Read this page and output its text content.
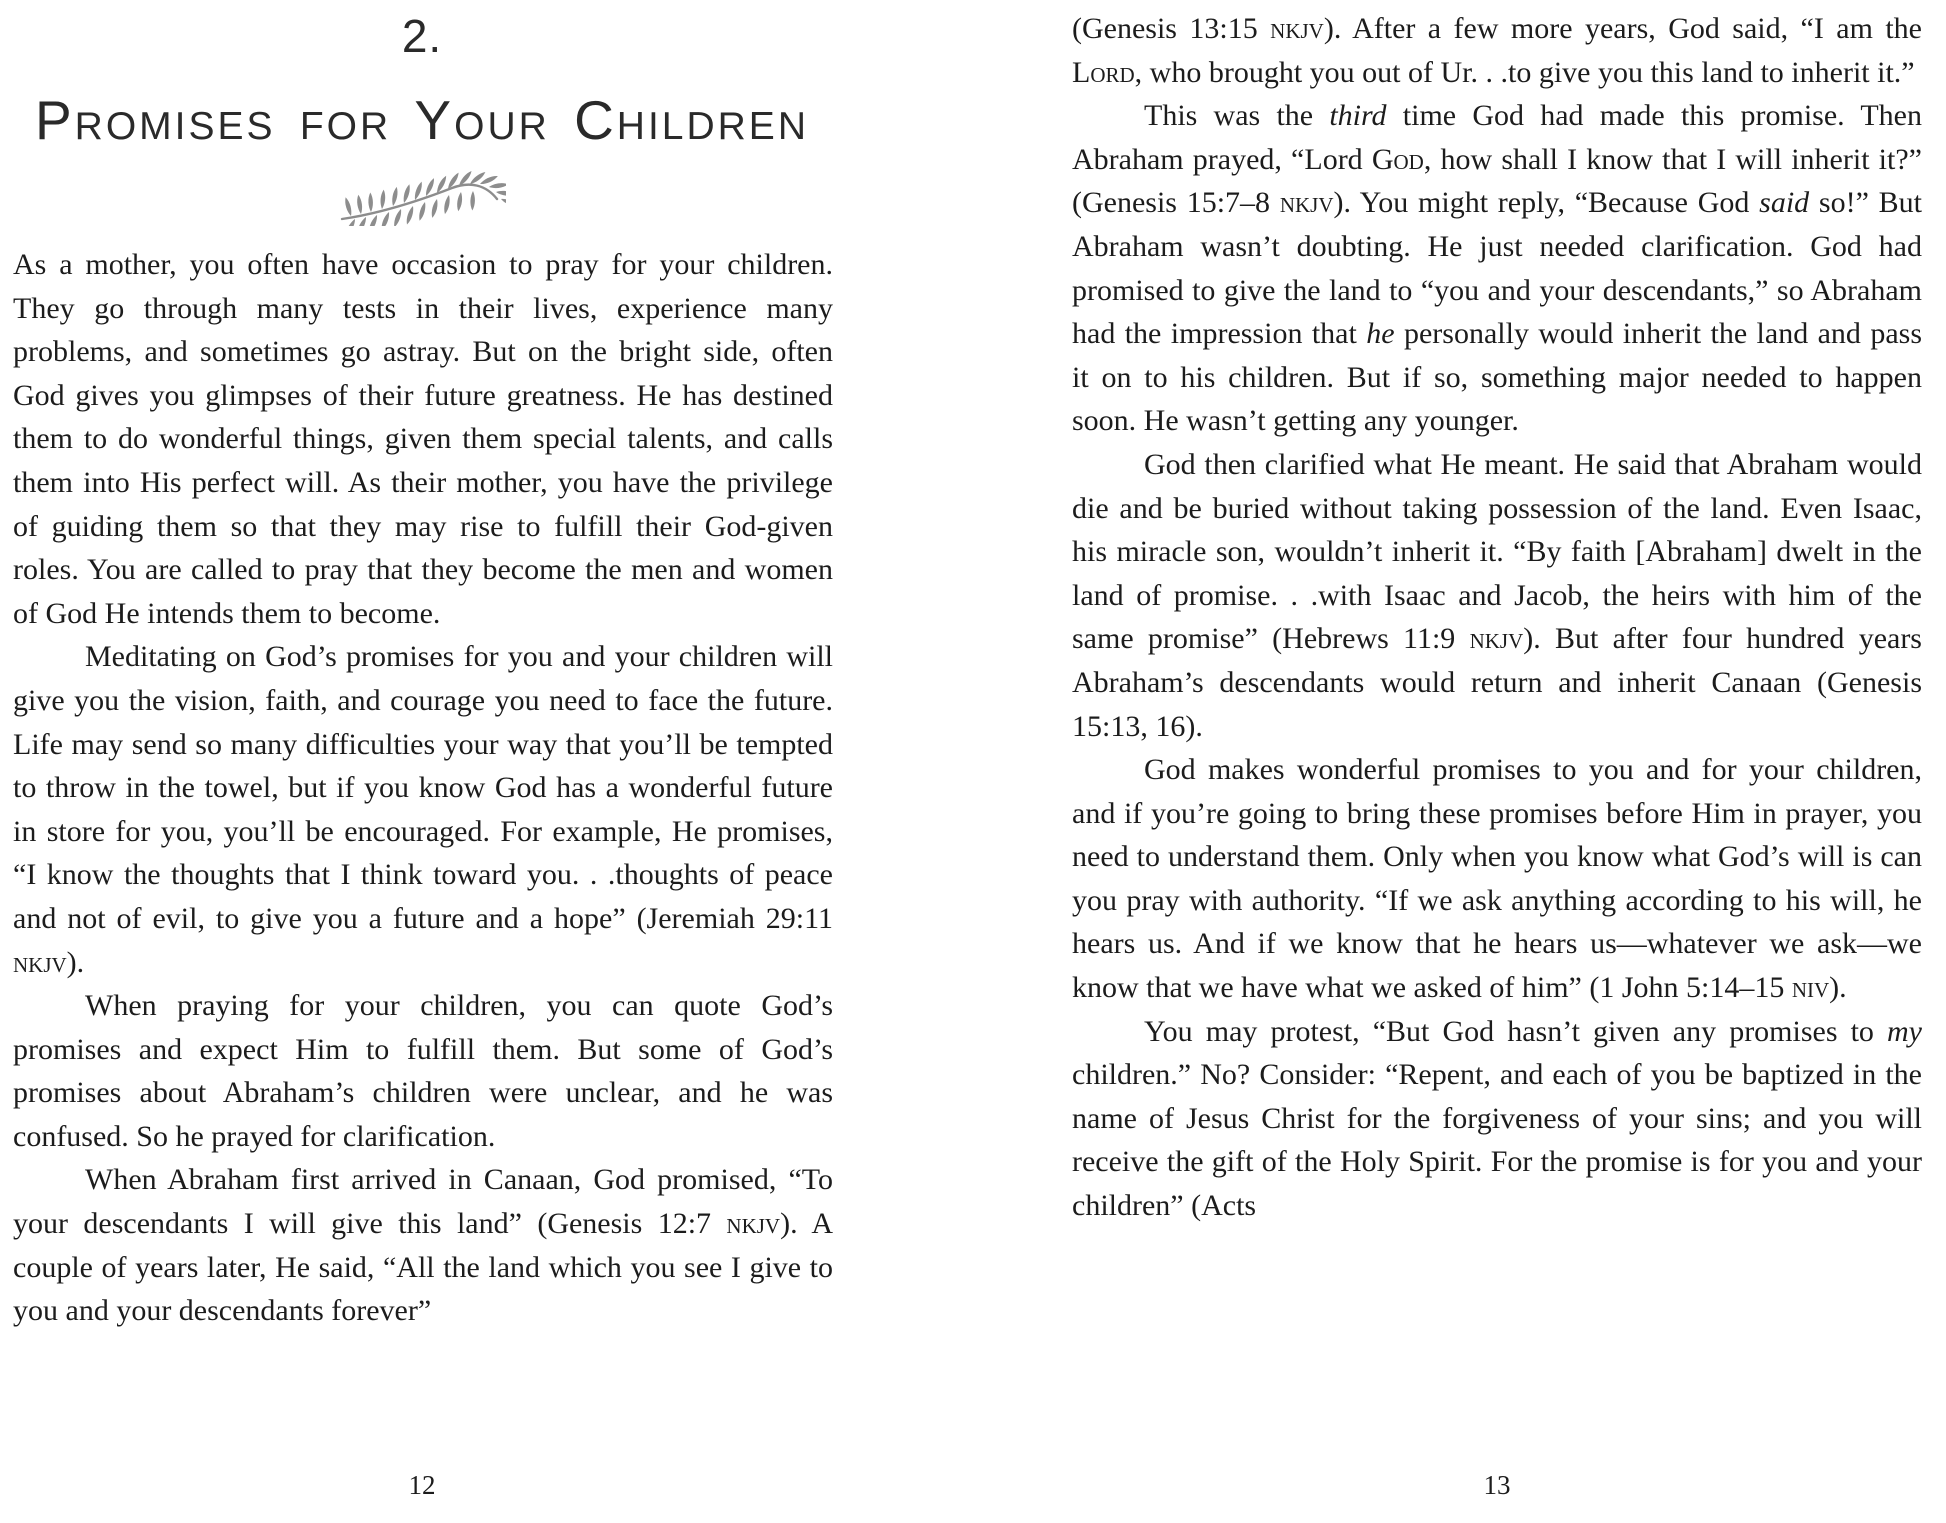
2.
Promises for Your Children

As a mother, you often have occasion to pray for your children. They go through many tests in their lives, experience many problems, and sometimes go astray. But on the bright side, often God gives you glimpses of their future greatness. He has destined them to do wonderful things, given them special talents, and calls them into His perfect will. As their mother, you have the privilege of guiding them so that they may rise to fulfill their God-given roles. You are called to pray that they become the men and women of God He intends them to become.

Meditating on God’s promises for you and your children will give you the vision, faith, and courage you need to face the future. Life may send so many difficulties your way that you’ll be tempted to throw in the towel, but if you know God has a wonderful future in store for you, you’ll be encouraged. For example, He promises, “I know the thoughts that I think toward you. . .thoughts of peace and not of evil, to give you a future and a hope” (Jeremiah 29:11 nkjv).

When praying for your children, you can quote God’s promises and expect Him to fulfill them. But some of God’s promises about Abraham’s children were unclear, and he was confused. So he prayed for clarification.

When Abraham first arrived in Canaan, God promised, “To your descendants I will give this land” (Genesis 12:7 nkjv). A couple of years later, He said, “All the land which you see I give to you and your descendants forever”

12

(Genesis 13:15 nkjv). After a few more years, God said, “I am the Lord, who brought you out of Ur. . .to give you this land to inherit it.”

This was the third time God had made this promise. Then Abraham prayed, “Lord God, how shall I know that I will inherit it?” (Genesis 15:7–8 nkjv). You might reply, “Because God said so!” But Abraham wasn’t doubting. He just needed clarification. God had promised to give the land to “you and your descendants,” so Abraham had the impression that he personally would inherit the land and pass it on to his children. But if so, something major needed to happen soon. He wasn’t getting any younger.

God then clarified what He meant. He said that Abraham would die and be buried without taking possession of the land. Even Isaac, his miracle son, wouldn’t inherit it. “By faith [Abraham] dwelt in the land of promise. . .with Isaac and Jacob, the heirs with him of the same promise” (Hebrews 11:9 nkjv). But after four hundred years Abraham’s descendants would return and inherit Canaan (Genesis 15:13, 16).

God makes wonderful promises to you and for your children, and if you’re going to bring these promises before Him in prayer, you need to understand them. Only when you know what God’s will is can you pray with authority. “If we ask anything according to his will, he hears us. And if we know that he hears us—whatever we ask—we know that we have what we asked of him” (1 John 5:14–15 niv).

You may protest, “But God hasn’t given any promises to my children.” No? Consider: “Repent, and each of you be baptized in the name of Jesus Christ for the forgiveness of your sins; and you will receive the gift of the Holy Spirit. For the promise is for you and your children” (Acts

13
